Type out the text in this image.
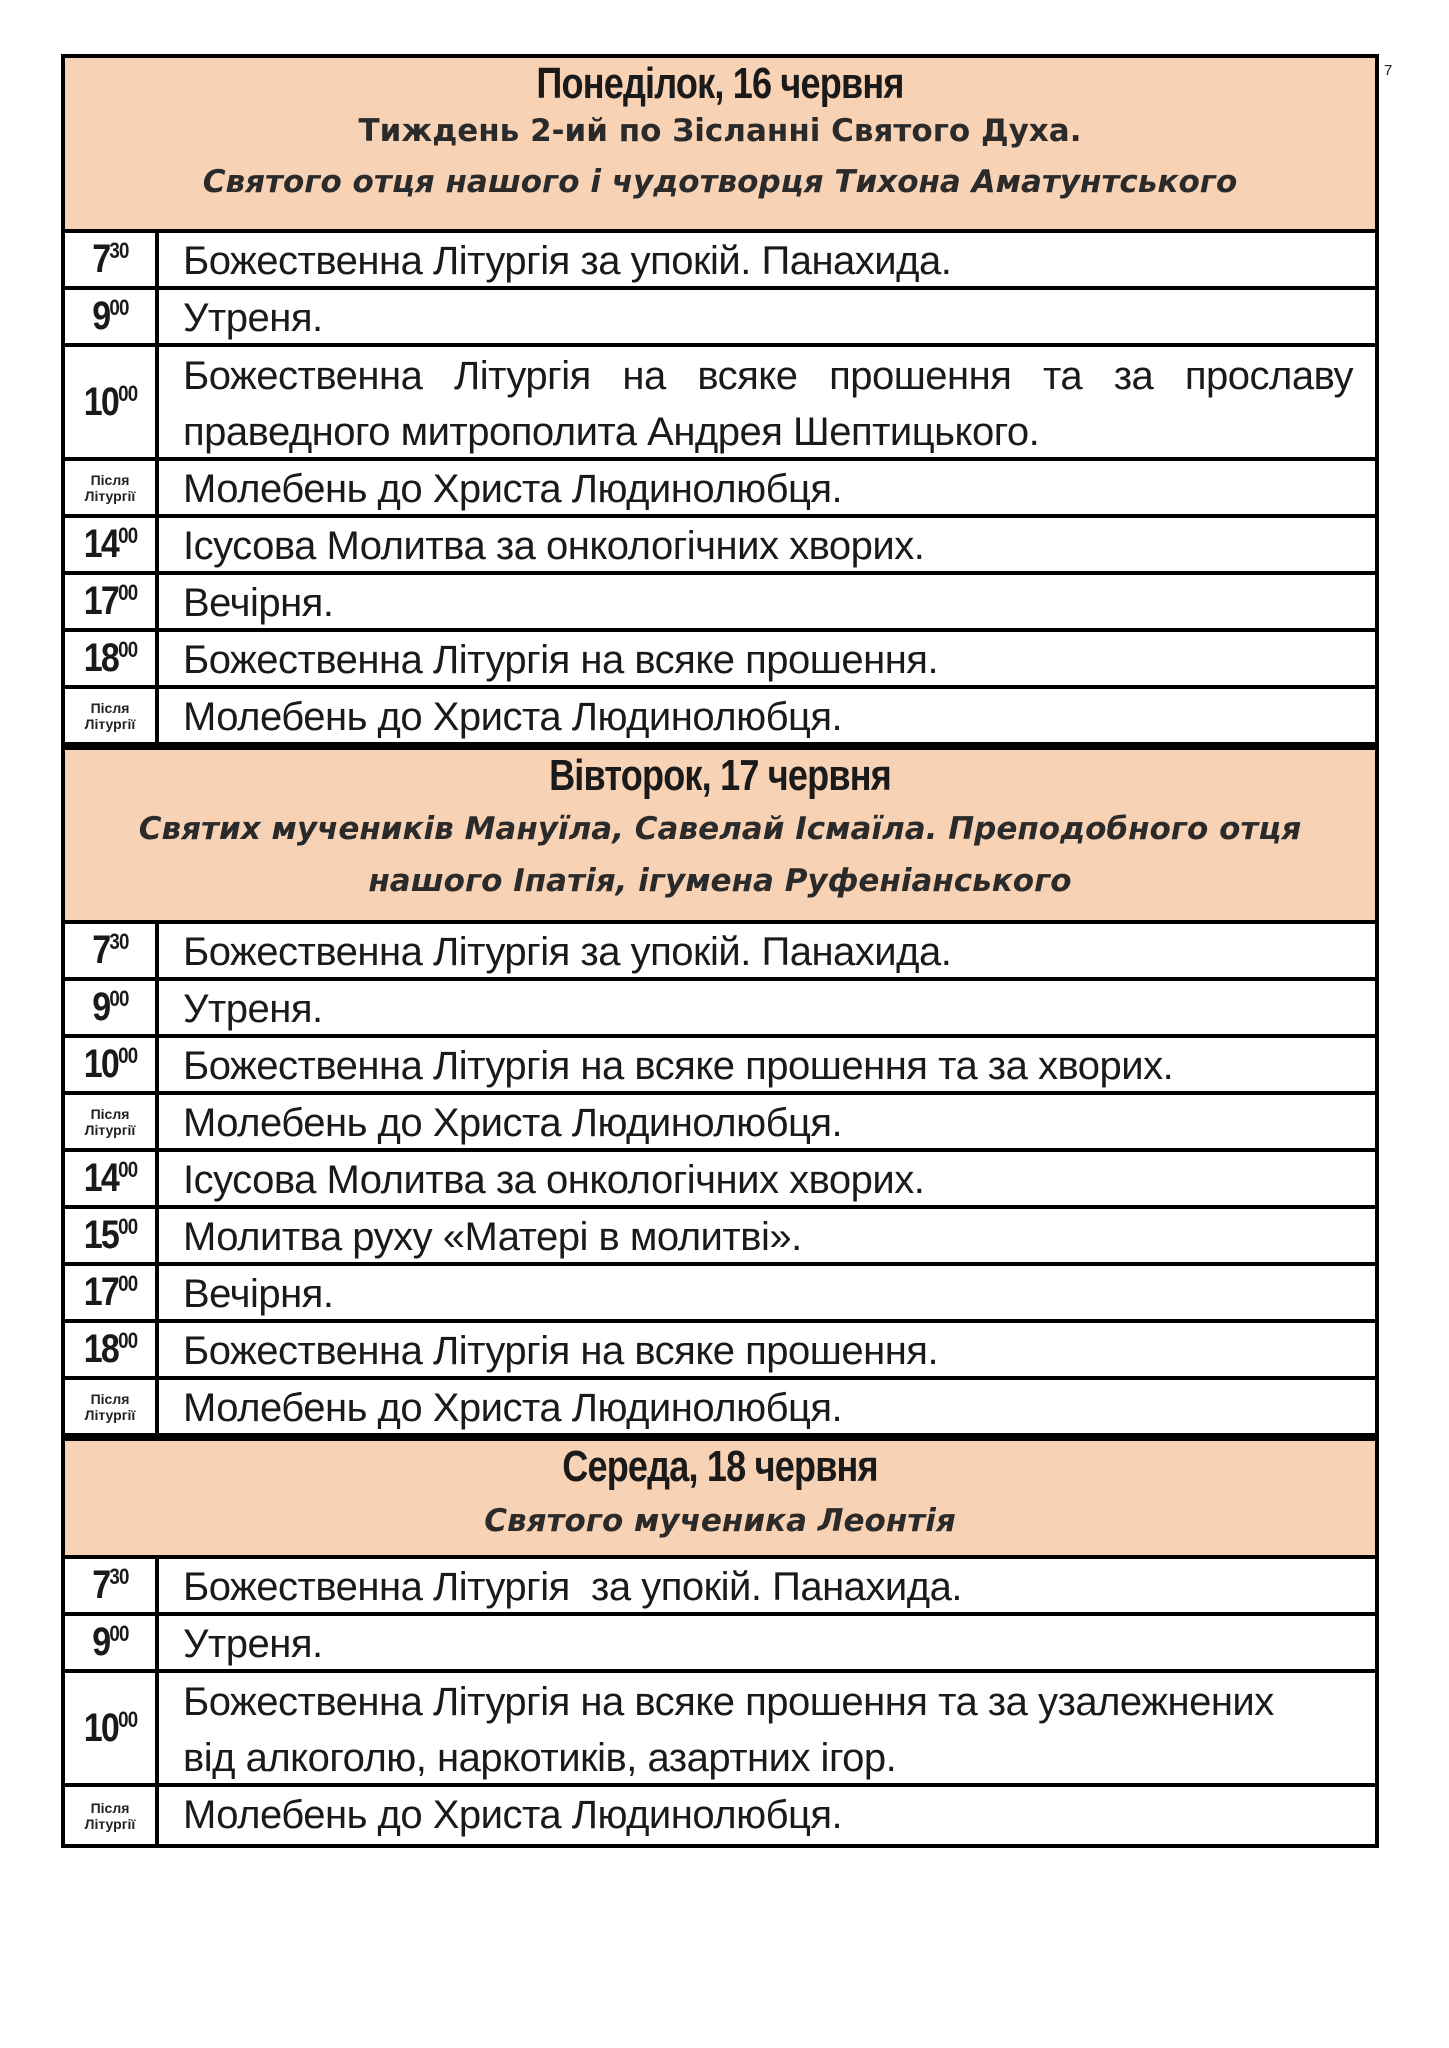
7
Понеділок, 16 червня
Тиждень 2-ий по Зісланні Святого Духа.
Святого отця нашого і чудотворця Тихона Аматунтського
$7^{30}$	Божественна Літургія за упокій. Панахида.
$9^{00}$	Утреня.
$10^{00}$	Божественна Літургія на всяке прошення та за прославу праведного митрополита Андрея Шептицького.
Після
Літургії	Молебень до Христа Людинолюбця.
$14^{00}$	Ісусова Молитва за онкологічних хворих.
$17^{00}$	Вечірня.
$18^{00}$	Божественна Літургія на всяке прошення.
Після
Літургії	Молебень до Христа Людинолюбця.
Вівторок, 17 червня
Святих мучеників Мануїла, Савелай Ісмаїла. Преподобного отця
нашого Іпатія, ігумена Руфеніанського
$7^{30}$	Божественна Літургія за упокій. Панахида.
$9^{00}$	Утреня.
$10^{00}$	Божественна Літургія на всяке прошення та за хворих.
Після
Літургії	Молебень до Христа Людинолюбця.
$14^{00}$	Ісусова Молитва за онкологічних хворих.
$15^{00}$	Молитва руху «Матері в молитві».
$17^{00}$	Вечірня.
$18^{00}$	Божественна Літургія на всяке прошення.
Після
Літургії	Молебень до Христа Людинолюбця.
Середа, 18 червня
Святого мученика Леонтія
$7^{30}$	Божественна Літургія  за упокій. Панахида.
$9^{00}$	Утреня.
$10^{00}$ Божественна Літургія на всяке прошення та за узалежнених
від алкоголю, наркотиків, азартних ігор.
Після
Літургії	Молебень до Христа Людинолюбця.
